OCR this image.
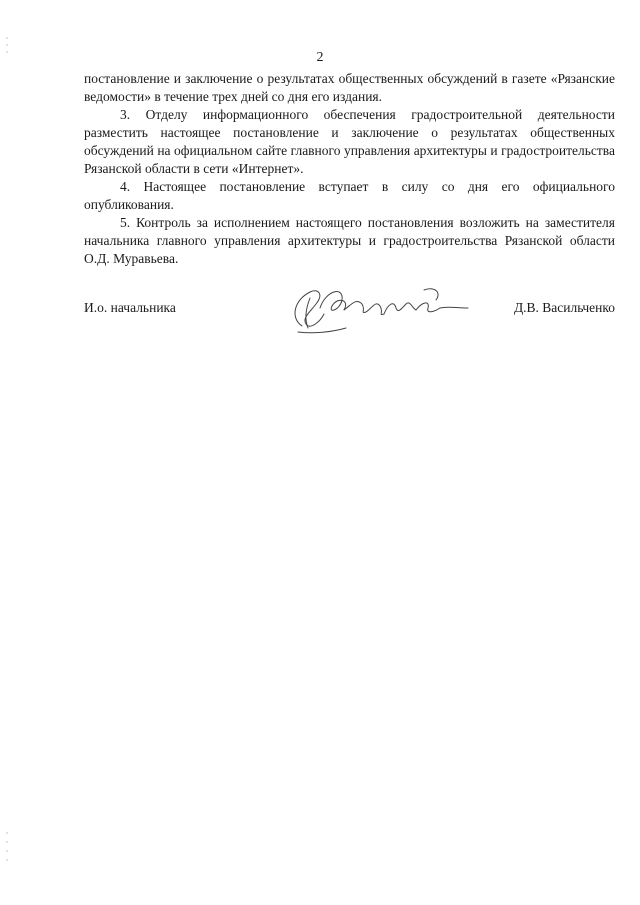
2

постановление и заключение о результатах общественных обсуждений в газете «Рязанские ведомости» в течение трех дней со дня его издания.

3. Отделу информационного обеспечения градостроительной деятельности разместить настоящее постановление и заключение о результатах общественных обсуждений на официальном сайте главного управления архитектуры и градостроительства Рязанской области в сети «Интернет».

4. Настоящее постановление вступает в силу со дня его официального опубликования.

5. Контроль за исполнением настоящего постановления возложить на заместителя начальника главного управления архитектуры и градостроительства Рязанской области О.Д. Муравьева.

И.о. начальника	Д.В. Васильченко
